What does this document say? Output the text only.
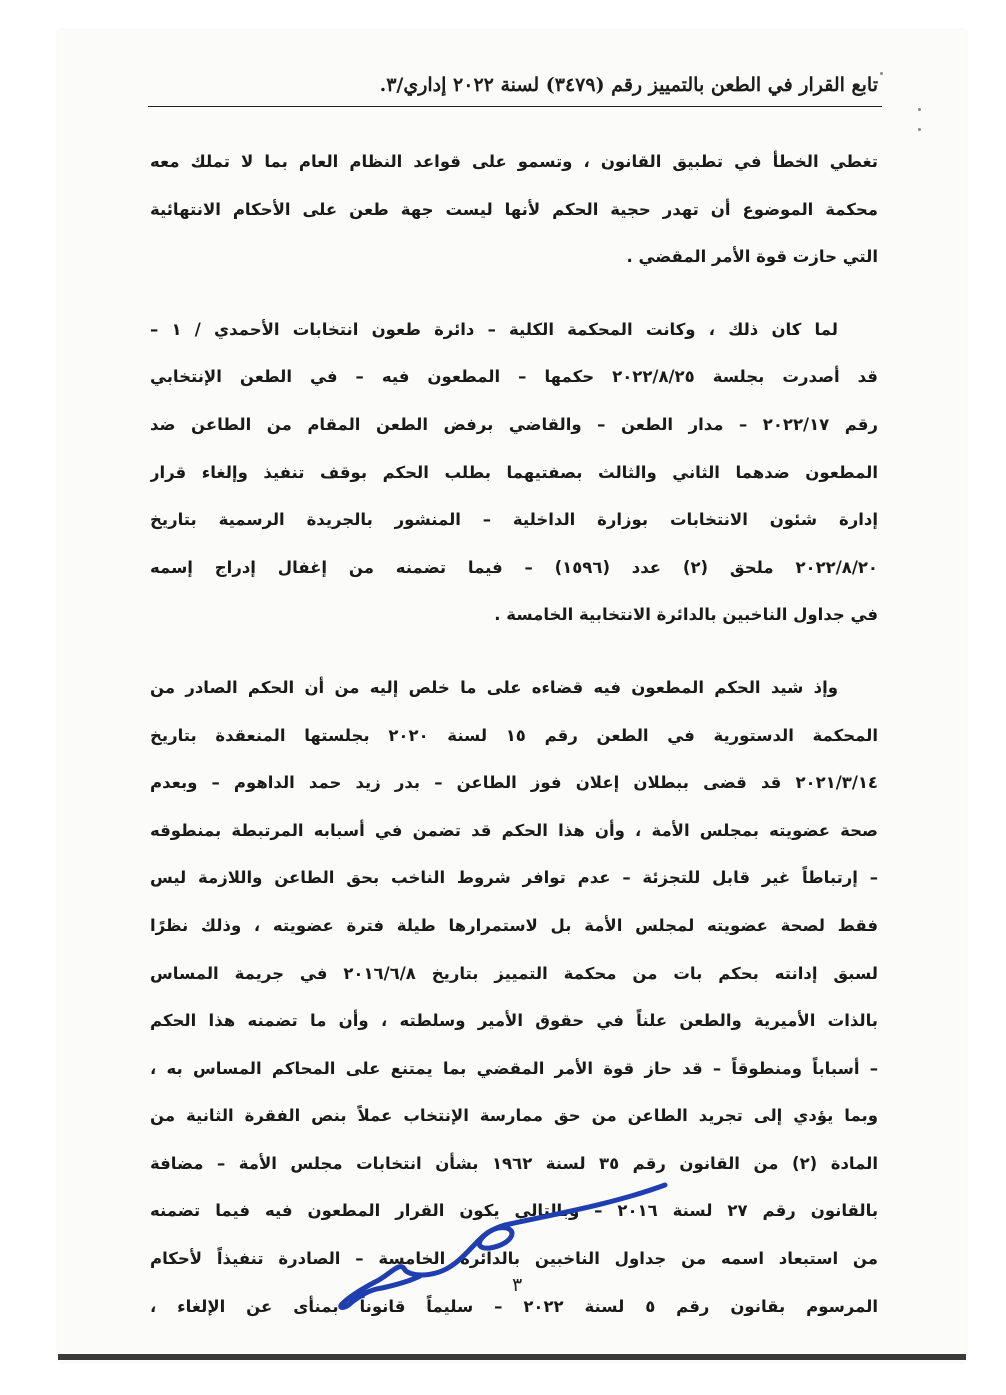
تابع القرار في الطعن بالتمييز رقم (٣٤٧٩) لسنة ٢٠٢٢ إداري/٣.
تغطي الخطأ في تطبيق القانون ، وتسمو على قواعد النظام العام بما لا تملك معه
محكمة الموضوع أن تهدر حجية الحكم لأنها ليست جهة طعن على الأحكام الانتهائية
التي حازت قوة الأمر المقضي .
لما كان ذلك ، وكانت المحكمة الكلية – دائرة طعون انتخابات الأحمدي / ١ –
قد أصدرت بجلسة ٢٠٢٢/٨/٢٥ حكمها – المطعون فيه – في الطعن الإنتخابي
رقم ٢٠٢٢/١٧ – مدار الطعن – والقاضي برفض الطعن المقام من الطاعن ضد
المطعون ضدهما الثاني والثالث بصفتيهما بطلب الحكم بوقف تنفيذ وإلغاء قرار
إدارة شئون الانتخابات بوزارة الداخلية – المنشور بالجريدة الرسمية بتاريخ
٢٠٢٢/٨/٢٠ ملحق (٢) عدد (١٥٩٦) – فيما تضمنه من إغفال إدراج إسمه
في جداول الناخبين بالدائرة الانتخابية الخامسة .
وإذ شيد الحكم المطعون فيه قضاءه على ما خلص إليه من أن الحكم الصادر من
المحكمة الدستورية في الطعن رقم ١٥ لسنة ٢٠٢٠ بجلستها المنعقدة بتاريخ
٢٠٢١/٣/١٤ قد قضى ببطلان إعلان فوز الطاعن – بدر زيد حمد الداهوم – وبعدم
صحة عضويته بمجلس الأمة ، وأن هذا الحكم قد تضمن في أسبابه المرتبطة بمنطوقه
– إرتباطاً غير قابل للتجزئة – عدم توافر شروط الناخب بحق الطاعن واللازمة ليس
فقط لصحة عضويته لمجلس الأمة بل لاستمرارها طيلة فترة عضويته ، وذلك نظرًا
لسبق إدانته بحكم بات من محكمة التمييز بتاريخ ٢٠١٦/٦/٨ في جريمة المساس
بالذات الأميرية والطعن علناً في حقوق الأمير وسلطته ، وأن ما تضمنه هذا الحكم
– أسباباً ومنطوقاً – قد حاز قوة الأمر المقضي بما يمتنع على المحاكم المساس به ،
وبما يؤدي إلى تجريد الطاعن من حق ممارسة الإنتخاب عملاً بنص الفقرة الثانية من
المادة (٢) من القانون رقم ٣٥ لسنة ١٩٦٢ بشأن انتخابات مجلس الأمة – مضافة
بالقانون رقم ٢٧ لسنة ٢٠١٦ – وبالتالي يكون القرار المطعون فيه فيما تضمنه
من استبعاد اسمه من جداول الناخبين بالدائرة الخامسة – الصادرة تنفيذاً لأحكام
المرسوم بقانون رقم ٥ لسنة ٢٠٢٢ – سليماً قانوناً بمنأى عن الإلغاء ،
٣
